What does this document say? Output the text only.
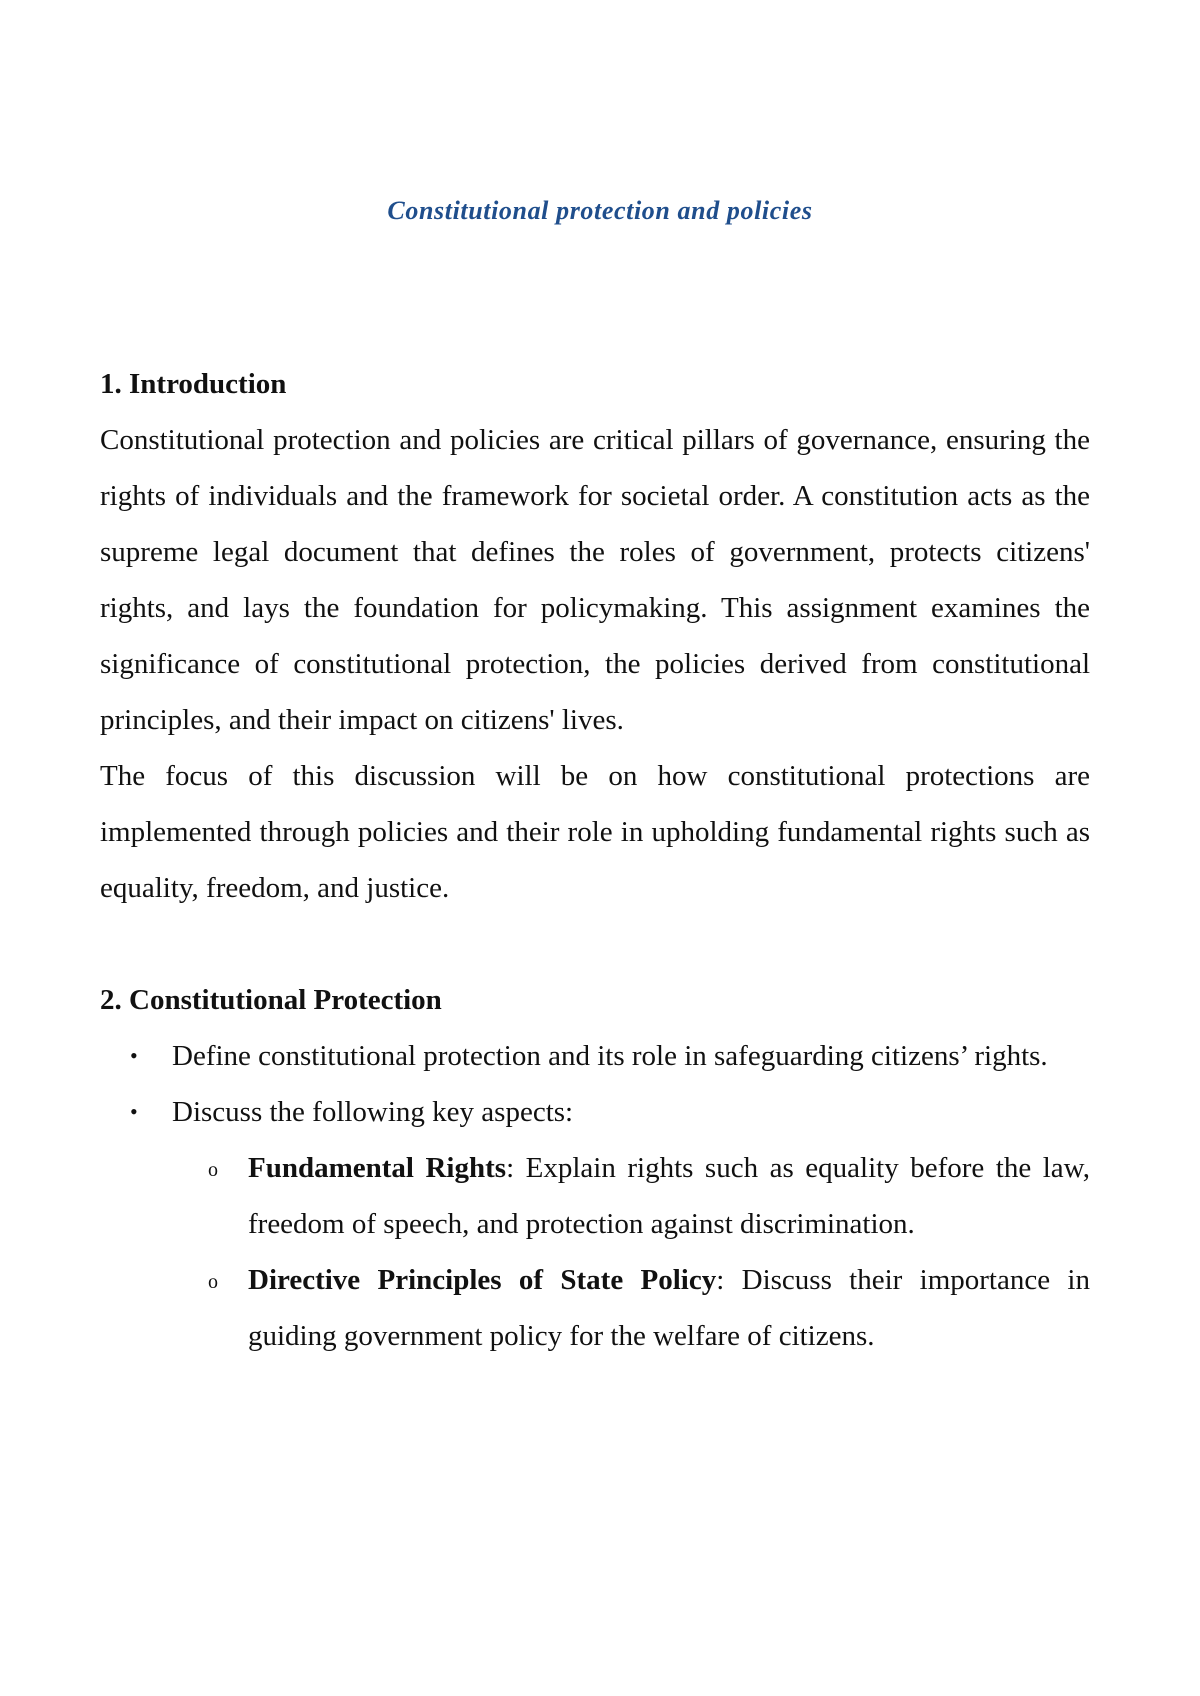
Constitutional protection and policies

1. Introduction

Constitutional protection and policies are critical pillars of governance, ensuring the rights of individuals and the framework for societal order. A constitution acts as the supreme legal document that defines the roles of government, protects citizens' rights, and lays the foundation for policymaking. This assignment examines the significance of constitutional protection, the policies derived from constitutional principles, and their impact on citizens' lives.

The focus of this discussion will be on how constitutional protections are implemented through policies and their role in upholding fundamental rights such as equality, freedom, and justice.

2. Constitutional Protection

• Define constitutional protection and its role in safeguarding citizens’ rights.
• Discuss the following key aspects:
o Fundamental Rights: Explain rights such as equality before the law, freedom of speech, and protection against discrimination.
o Directive Principles of State Policy: Discuss their importance in guiding government policy for the welfare of citizens.
